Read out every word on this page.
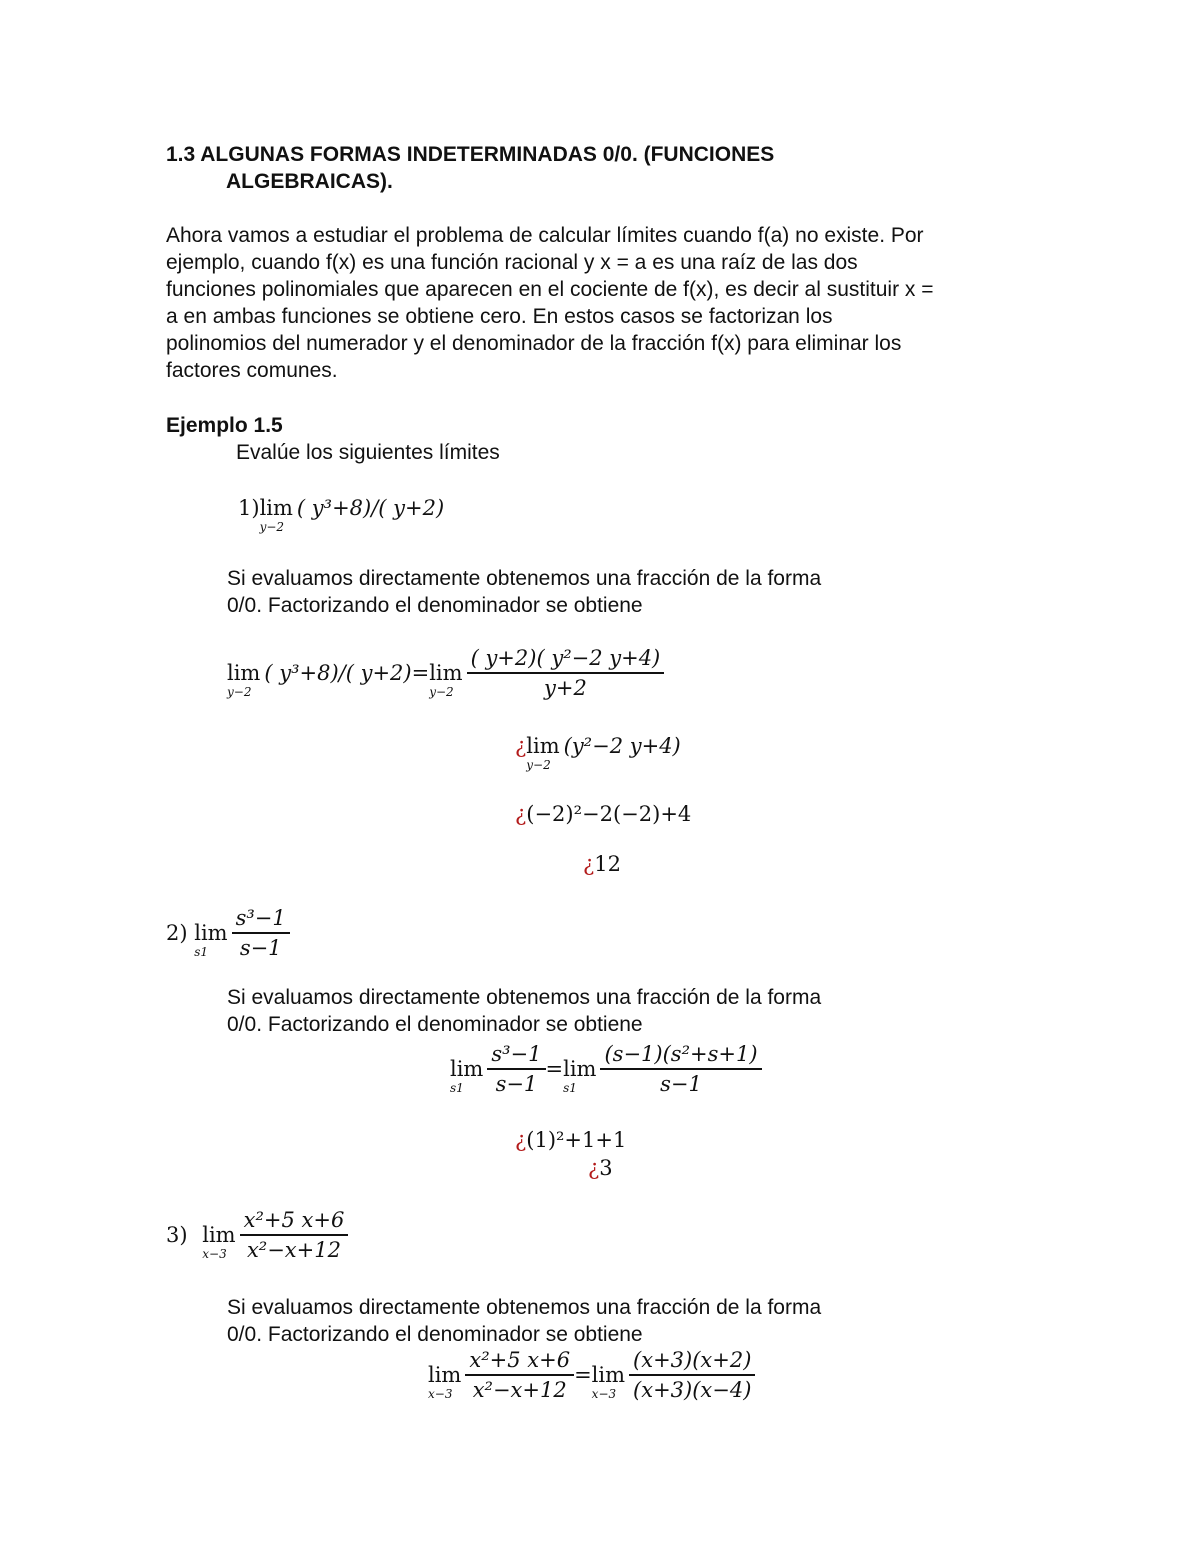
1.3 ALGUNAS FORMAS INDETERMINADAS 0/0. (FUNCIONES
ALGEBRAICAS).
Ahora vamos a estudiar el problema de calcular límites cuando f(a) no existe. Por
ejemplo, cuando f(x) es una función racional y x = a es una raíz de las dos
funciones polinomiales que aparecen en el cociente de f(x), es decir al sustituir x =
a en ambas funciones se obtiene cero. En estos casos se factorizan los
polinomios del numerador y el denominador de la fracción f(x) para eliminar los
factores comunes.
Ejemplo 1.5
Evalúe los siguientes límites
1)lim
y−2
( y³+8)/( y+2)
Si evaluamos directamente obtenemos una fracción de la forma
0/0. Factorizando el denominador se obtiene
lim
y−2
( y³+8)/( y+2)=lim
$y-2 \frac{\text{( y+2)( y²−2 y+4)}}{y+2}$
¿lim
y−2
(y²−2 y+4)
¿(−2)²−2(−2)+4
¿12
2) lim
$s1 \frac{\text{s³−1}}{s-1}$
Si evaluamos directamente obtenemos una fracción de la forma
0/0. Factorizando el denominador se obtiene
lim
$s1 \frac{\text{s³−1}}{s-1} =\lim$
$s1 \frac{\text{(s−1)(s²+s+1)}}{s-1}$
¿(1)²+1+1
¿3
3) lim
$x-3 \frac{\text{x²+5 x+6}}{\text{x²−x+12}}$
Si evaluamos directamente obtenemos una fracción de la forma
0/0. Factorizando el denominador se obtiene
lim
$x-3 \frac{\text{x²+5 x+6}}{\text{x²−x+12}} =\lim$
$x-3 \frac{(x+3)(x+2)}{(x+3)(x-4)}$
